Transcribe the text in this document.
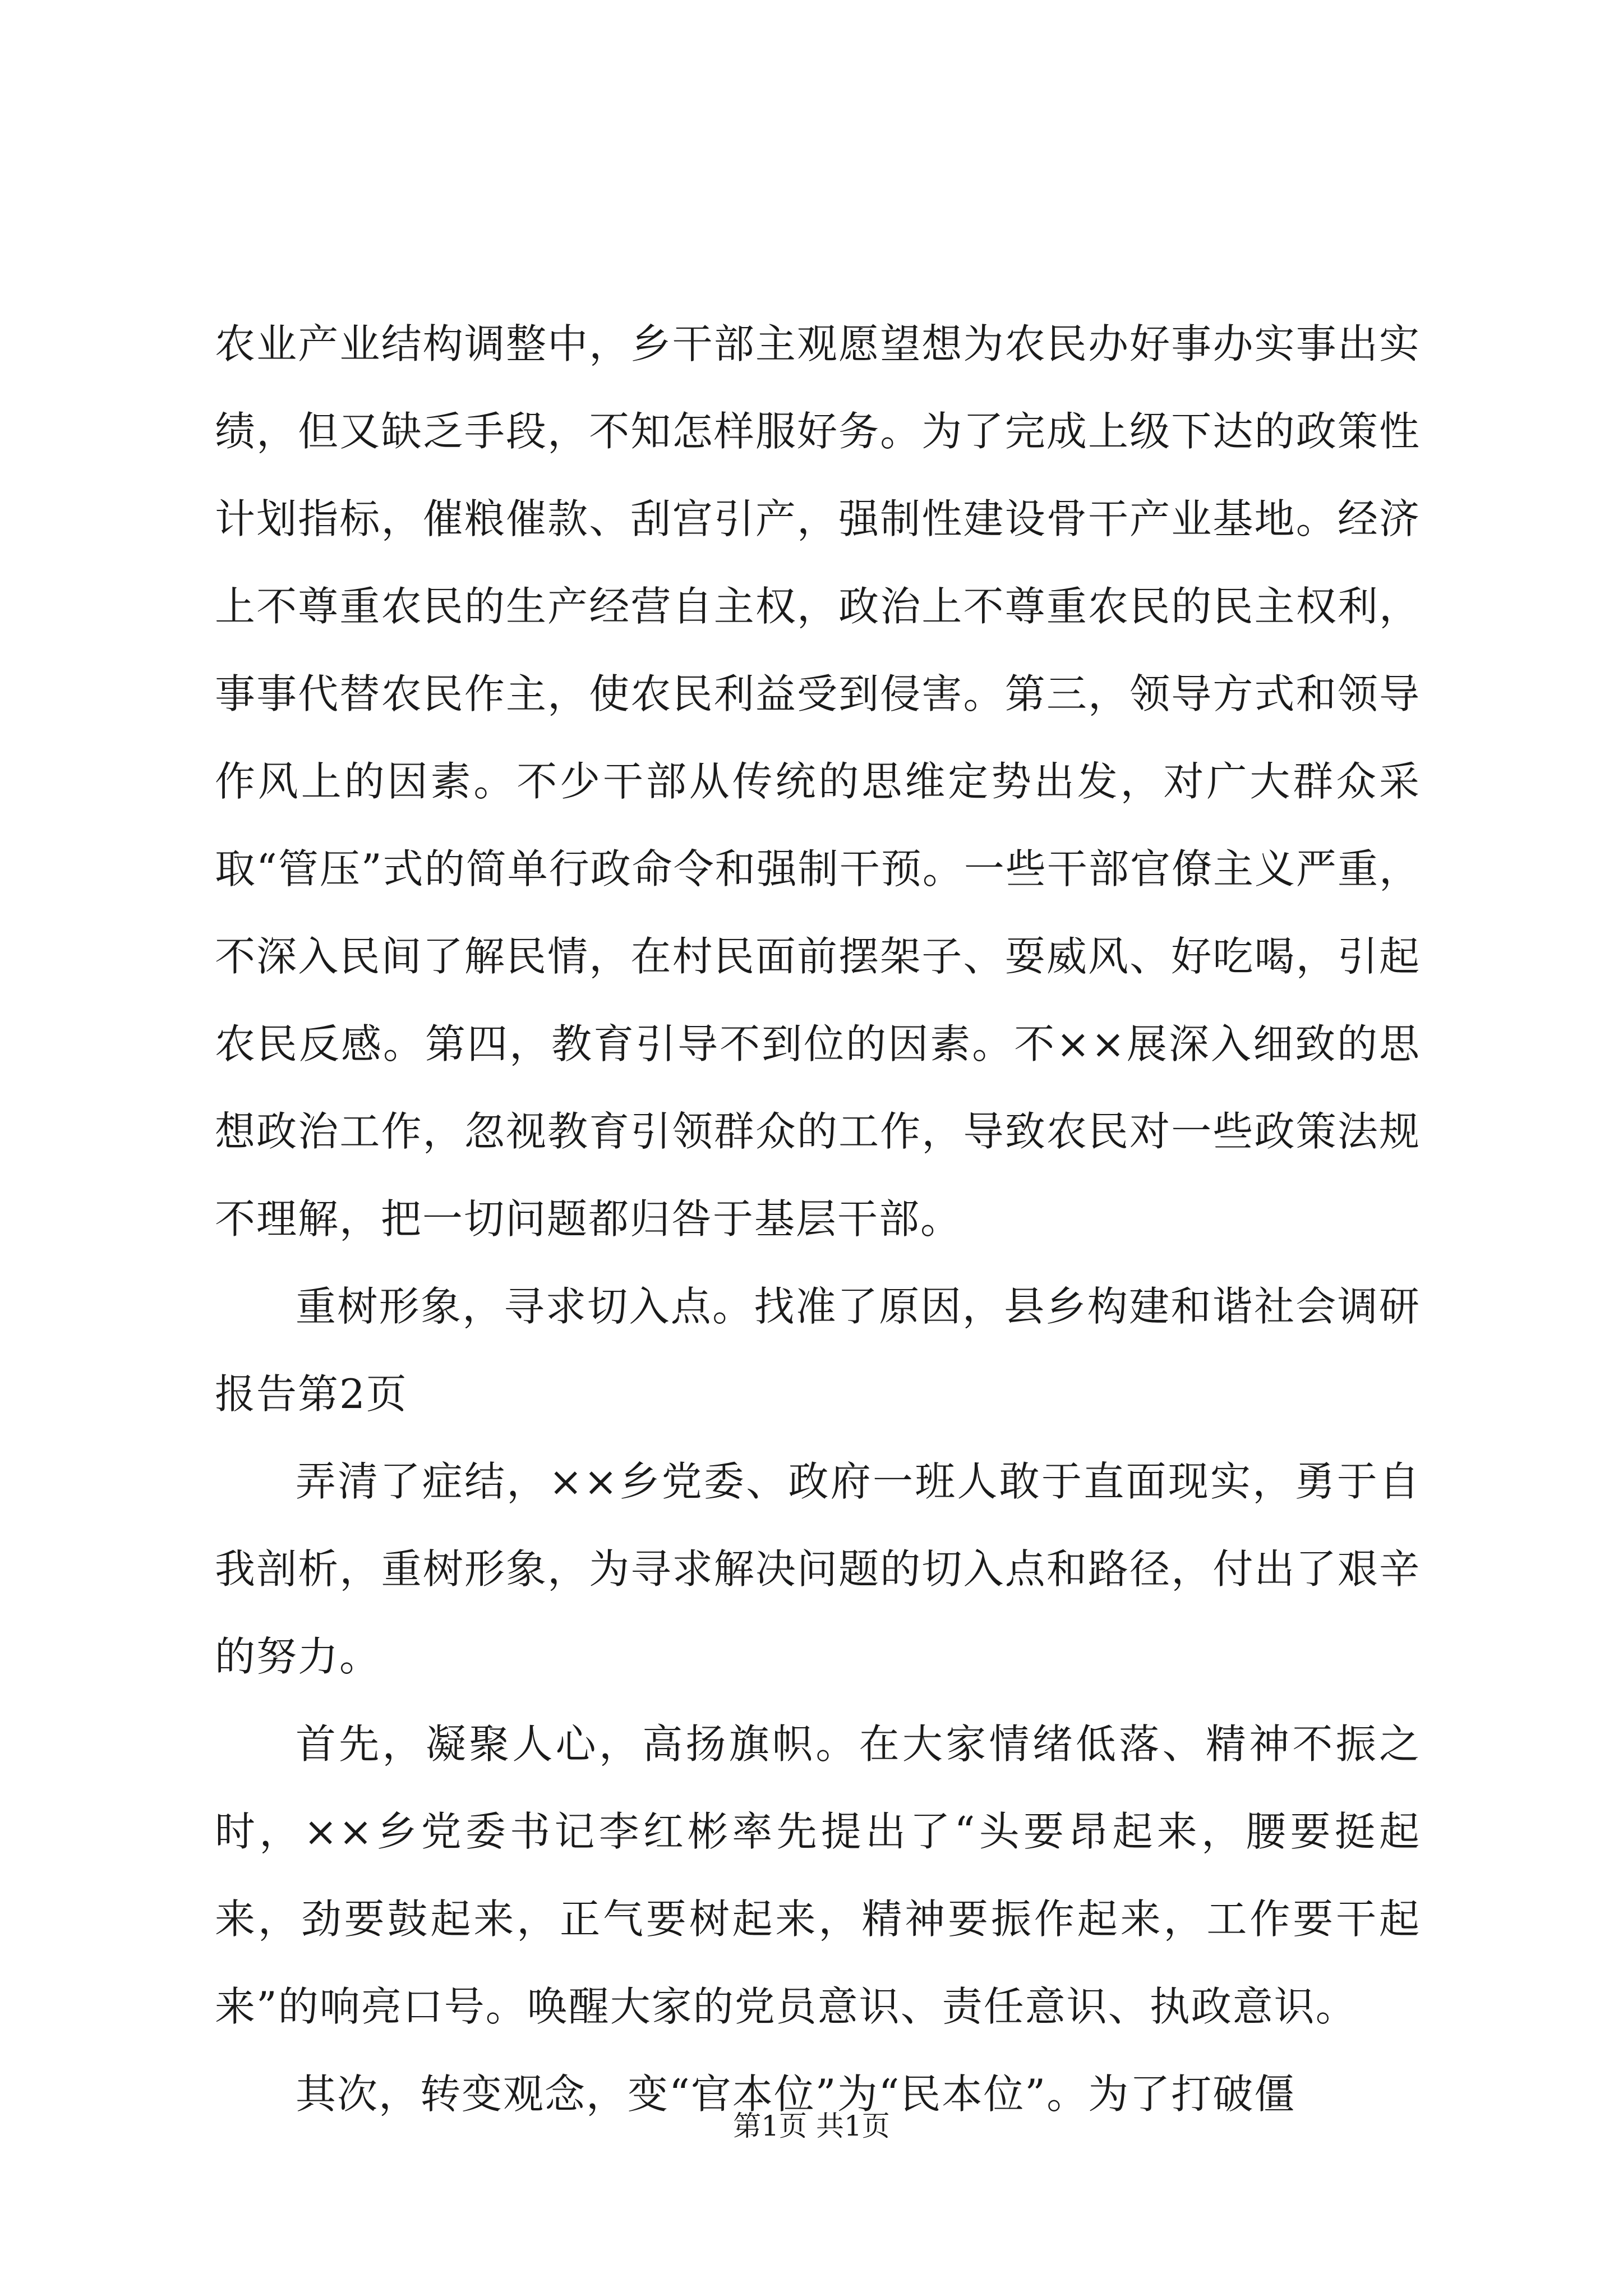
农业产业结构调整中，乡干部主观愿望想为农民办好事办实事出实绩，但又缺乏手段，不知怎样服好务。为了完成上级下达的政策性计划指标，催粮催款、刮宫引产，强制性建设骨干产业基地。经济上不尊重农民的生产经营自主权，政治上不尊重农民的民主权利，事事代替农民作主，使农民利益受到侵害。第三，领导方式和领导作风上的因素。不少干部从传统的思维定势出发，对广大群众采取“管压”式的简单行政命令和强制干预。一些干部官僚主义严重，不深入民间了解民情，在村民面前摆架子、耍威风、好吃喝，引起农民反感。第四，教育引导不到位的因素。不××展深入细致的思想政治工作，忽视教育引领群众的工作，导致农民对一些政策法规不理解，把一切问题都归咎于基层干部。

重树形象，寻求切入点。找准了原因，县乡构建和谐社会调研报告第2页

弄清了症结，××乡党委、政府一班人敢于直面现实，勇于自我剖析，重树形象，为寻求解决问题的切入点和路径，付出了艰辛的努力。

首先，凝聚人心，高扬旗帜。在大家情绪低落、精神不振之时，××乡党委书记李红彬率先提出了“头要昂起来，腰要挺起来，劲要鼓起来，正气要树起来，精神要振作起来，工作要干起来”的响亮口号。唤醒大家的党员意识、责任意识、执政意识。

其次，转变观念，变“官本位”为“民本位”。为了打破僵

第1页 共1页
